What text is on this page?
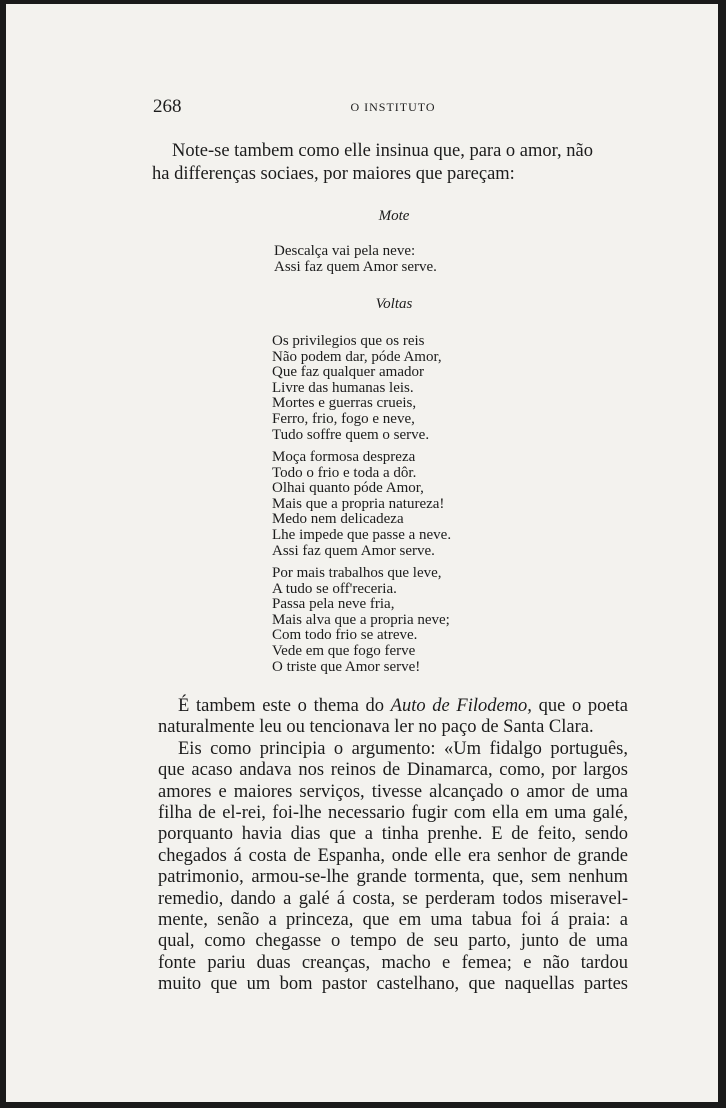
268	O INSTITUTO

Note-se tambem como elle insinua que, para o amor, não
ha differenças sociaes, por maiores que pareçam:

Mote

Descalça vai pela neve:
Assi faz quem Amor serve.

Voltas

Os privilegios que os reis
Não podem dar, póde Amor,
Que faz qualquer amador
Livre das humanas leis.
Mortes e guerras crueis,
Ferro, frio, fogo e neve,
Tudo soffre quem o serve.
Moça formosa despreza
Todo o frio e toda a dôr.
Olhai quanto póde Amor,
Mais que a propria natureza!
Medo nem delicadeza
Lhe impede que passe a neve.
Assi faz quem Amor serve.
Por mais trabalhos que leve,
A tudo se off'receria.
Passa pela neve fria,
Mais alva que a propria neve;
Com todo frio se atreve.
Vede em que fogo ferve
O triste que Amor serve!
É tambem este o thema do Auto de Filodemo, que o poeta
naturalmente leu ou tencionava ler no paço de Santa Clara.
Eis como principia o argumento: «Um fidalgo português,
que acaso andava nos reinos de Dinamarca, como, por largos
amores e maiores serviços, tivesse alcançado o amor de uma
filha de el-rei, foi-lhe necessario fugir com ella em uma galé,
porquanto havia dias que a tinha prenhe. E de feito, sendo
chegados á costa de Espanha, onde elle era senhor de grande
patrimonio, armou-se-lhe grande tormenta, que, sem nenhum
remedio, dando a galé á costa, se perderam todos miseravel-
mente, senão a princeza, que em uma tabua foi á praia: a
qual, como chegasse o tempo de seu parto, junto de uma
fonte pariu duas creanças, macho e femea; e não tardou
muito que um bom pastor castelhano, que naquellas partes
